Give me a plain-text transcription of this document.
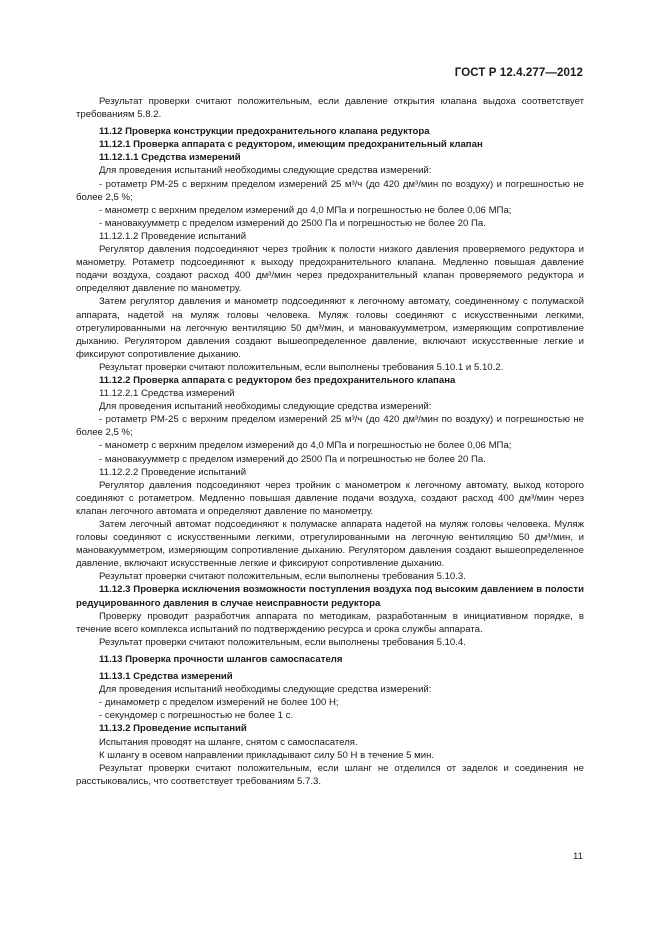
ГОСТ Р 12.4.277—2012

Результат проверки считают положительным, если давление открытия клапана выдоха соответствует требованиям 5.8.2.

11.12 Проверка конструкции предохранительного клапана редуктора

11.12.1 Проверка аппарата с редуктором, имеющим предохранительный клапан

11.12.1.1 Средства измерений

Для проведения испытаний необходимы следующие средства измерений:

- ротаметр РМ-25 с верхним пределом измерений 25 м³/ч (до 420 дм³/мин по воздуху) и погрешностью не более 2,5 %;

- манометр с верхним пределом измерений до 4,0 МПа и погрешностью не более 0,06 МПа;

- мановакуумметр с пределом измерений до 2500 Па и погрешностью не более 20 Па.

11.12.1.2 Проведение испытаний

Регулятор давления подсоединяют через тройник к полости низкого давления проверяемого редуктора и манометру. Ротаметр подсоединяют к выходу предохранительного клапана. Медленно повышая давление подачи воздуха, создают расход 400 дм³/мин через предохранительный клапан проверяемого редуктора и определяют давление по манометру.

Затем регулятор давления и манометр подсоединяют к легочному автомату, соединенному с полумаской аппарата, надетой на муляж головы человека. Муляж головы соединяют с искусственными легкими, отрегулированными на легочную вентиляцию 50 дм³/мин, и мановакуумметром, измеряющим сопротивление дыханию. Регулятором давления создают вышеопределенное давление, включают искусственные легкие и фиксируют сопротивление дыханию.

Результат проверки считают положительным, если выполнены требования 5.10.1 и 5.10.2.

11.12.2 Проверка аппарата с редуктором без предохранительного клапана

11.12.2.1 Средства измерений

Для проведения испытаний необходимы следующие средства измерений:

- ротаметр РМ-25 с верхним пределом измерений 25 м³/ч (до 420 дм³/мин по воздуху) и погрешностью не более 2,5 %;

- манометр с верхним пределом измерений до 4,0 МПа и погрешностью не более 0,06 МПа;

- мановакуумметр с пределом измерений до 2500 Па и погрешностью не более 20 Па.

11.12.2.2 Проведение испытаний

Регулятор давления подсоединяют через тройник с манометром к легочному автомату, выход которого соединяют с ротаметром. Медленно повышая давление подачи воздуха, создают расход 400 дм³/мин через клапан легочного автомата и определяют давление по манометру.

Затем легочный автомат подсоединяют к полумаске аппарата надетой на муляж головы человека. Муляж головы соединяют с искусственными легкими, отрегулированными на легочную вентиляцию 50 дм³/мин, и мановакуумметром, измеряющим сопротивление дыханию. Регулятором давления создают вышеопределенное давление, включают искусственные легкие и фиксируют сопротивление дыханию.

Результат проверки считают положительным, если выполнены требования 5.10.3.

11.12.3 Проверка исключения возможности поступления воздуха под высоким давлением в полости редуцированного давления в случае неисправности редуктора

Проверку проводит разработчик аппарата по методикам, разработанным в инициативном порядке, в течение всего комплекса испытаний по подтверждению ресурса и срока службы аппарата.

Результат проверки считают положительным, если выполнены требования 5.10.4.

11.13 Проверка прочности шлангов самоспасателя

11.13.1 Средства измерений

Для проведения испытаний необходимы следующие средства измерений:

- динамометр с пределом измерений не более 100 Н;

- секундомер с погрешностью не более 1 с.

11.13.2 Проведение испытаний

Испытания проводят на шланге, снятом с самоспасателя.

К шлангу в осевом направлении прикладывают силу 50 Н в течение 5 мин.

Результат проверки считают положительным, если шланг не отделился от заделок и соединения не расстыковались, что соответствует требованиям 5.7.3.

11
